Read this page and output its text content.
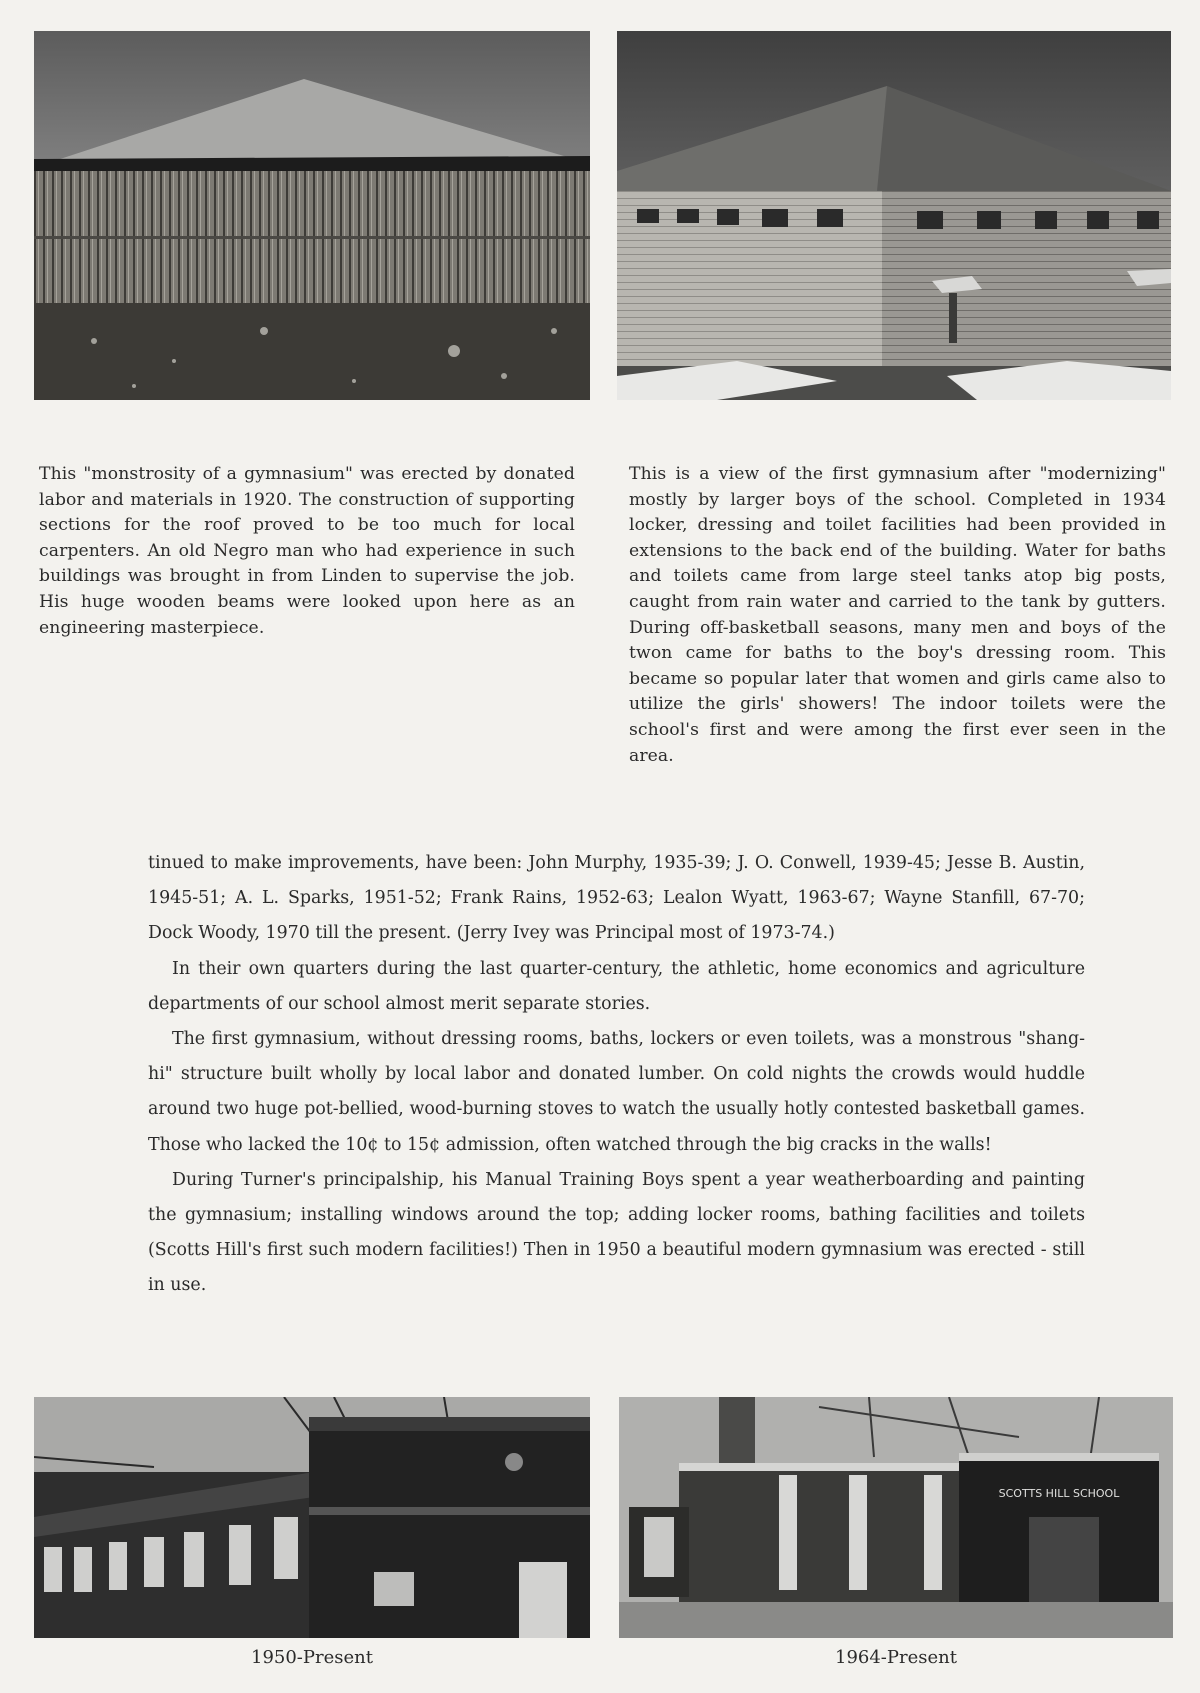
This "monstrosity of a gymnasium" was erected by donated labor and materials in 1920. The construction of supporting sections for the roof proved to be too much for local carpenters. An old Negro man who had experience in such buildings was brought in from Linden to supervise the job. His huge wooden beams were looked upon here as an engineering masterpiece.
This is a view of the first gymnasium after "modernizing" mostly by larger boys of the school. Completed in 1934 locker, dressing and toilet facilities had been provided in extensions to the back end of the building. Water for baths and toilets came from large steel tanks atop big posts, caught from rain water and carried to the tank by gutters. During off-basketball seasons, many men and boys of the twon came for baths to the boy's dressing room. This became so popular later that women and girls came also to utilize the girls' showers! The indoor toilets were the school's first and were among the first ever seen in the area.

tinued to make improvements, have been: John Murphy, 1935-39; J. O. Conwell, 1939-45; Jesse B. Austin, 1945-51; A. L. Sparks, 1951-52; Frank Rains, 1952-63; Lealon Wyatt, 1963-67; Wayne Stanfill, 67-70; Dock Woody, 1970 till the present. (Jerry Ivey was Principal most of 1973-74.)

In their own quarters during the last quarter-century, the athletic, home economics and agriculture departments of our school almost merit separate stories.

The first gymnasium, without dressing rooms, baths, lockers or even toilets, was a monstrous "shang-hi" structure built wholly by local labor and donated lumber. On cold nights the crowds would huddle around two huge pot-bellied, wood-burning stoves to watch the usually hotly contested basketball games. Those who lacked the 10¢ to 15¢ admission, often watched through the big cracks in the walls!

During Turner's principalship, his Manual Training Boys spent a year weatherboarding and painting the gymnasium; installing windows around the top; adding locker rooms, bathing facilities and toilets (Scotts Hill's first such modern facilities!) Then in 1950 a beautiful modern gymnasium was erected - still in use.

SCOTTS HILL SCHOOL
1950-Present	1964-Present
